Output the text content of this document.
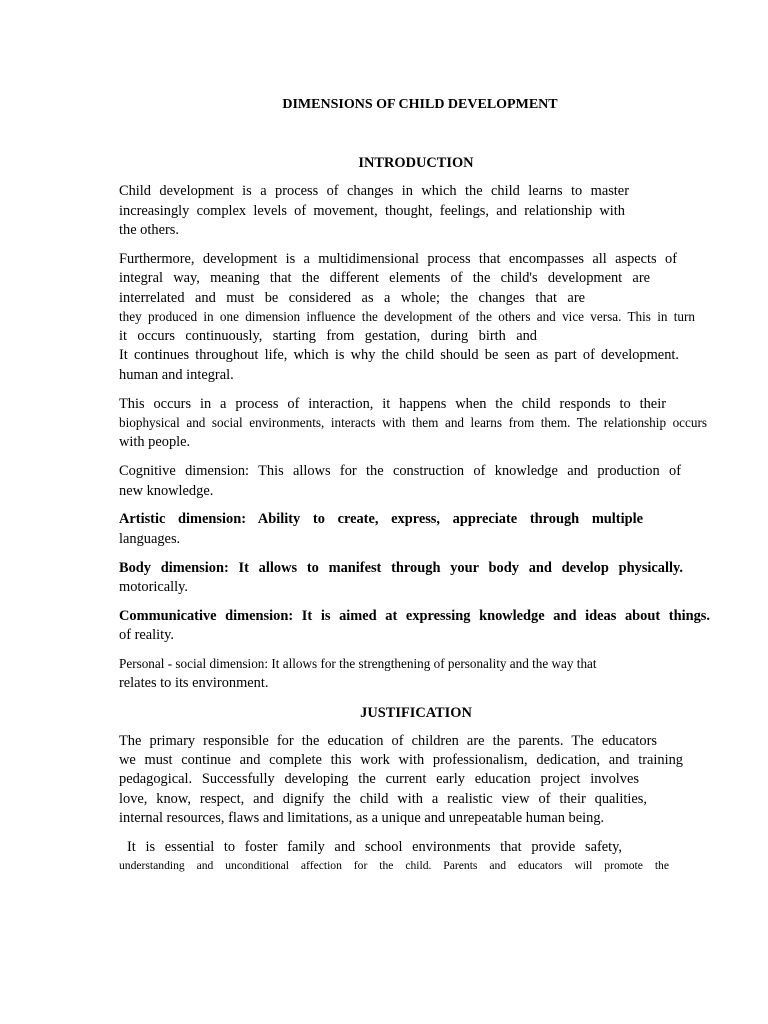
DIMENSIONS OF CHILD DEVELOPMENT
INTRODUCTION
Child development is a process of changes in which the child learns to master
increasingly complex levels of movement, thought, feelings, and relationship with
the others.
Furthermore, development is a multidimensional process that encompasses all aspects of
integral way, meaning that the different elements of the child's development are
interrelated and must be considered as a whole; the changes that are
they produced in one dimension influence the development of the others and vice versa. This in turn
it occurs continuously, starting from gestation, during birth and
It continues throughout life, which is why the child should be seen as part of development.
human and integral.
This occurs in a process of interaction, it happens when the child responds to their
biophysical and social environments, interacts with them and learns from them. The relationship occurs
with people.
Cognitive dimension: This allows for the construction of knowledge and production of
new knowledge.
Artistic dimension: Ability to create, express, appreciate through multiple
languages.
Body dimension: It allows to manifest through your body and develop physically.
motorically.
Communicative dimension: It is aimed at expressing knowledge and ideas about things.
of reality.
Personal - social dimension: It allows for the strengthening of personality and the way that
relates to its environment.
JUSTIFICATION
The primary responsible for the education of children are the parents. The educators
we must continue and complete this work with professionalism, dedication, and training
pedagogical. Successfully developing the current early education project involves
love, know, respect, and dignify the child with a realistic view of their qualities,
internal resources, flaws and limitations, as a unique and unrepeatable human being.
It is essential to foster family and school environments that provide safety,
understanding and unconditional affection for the child. Parents and educators will promote the
